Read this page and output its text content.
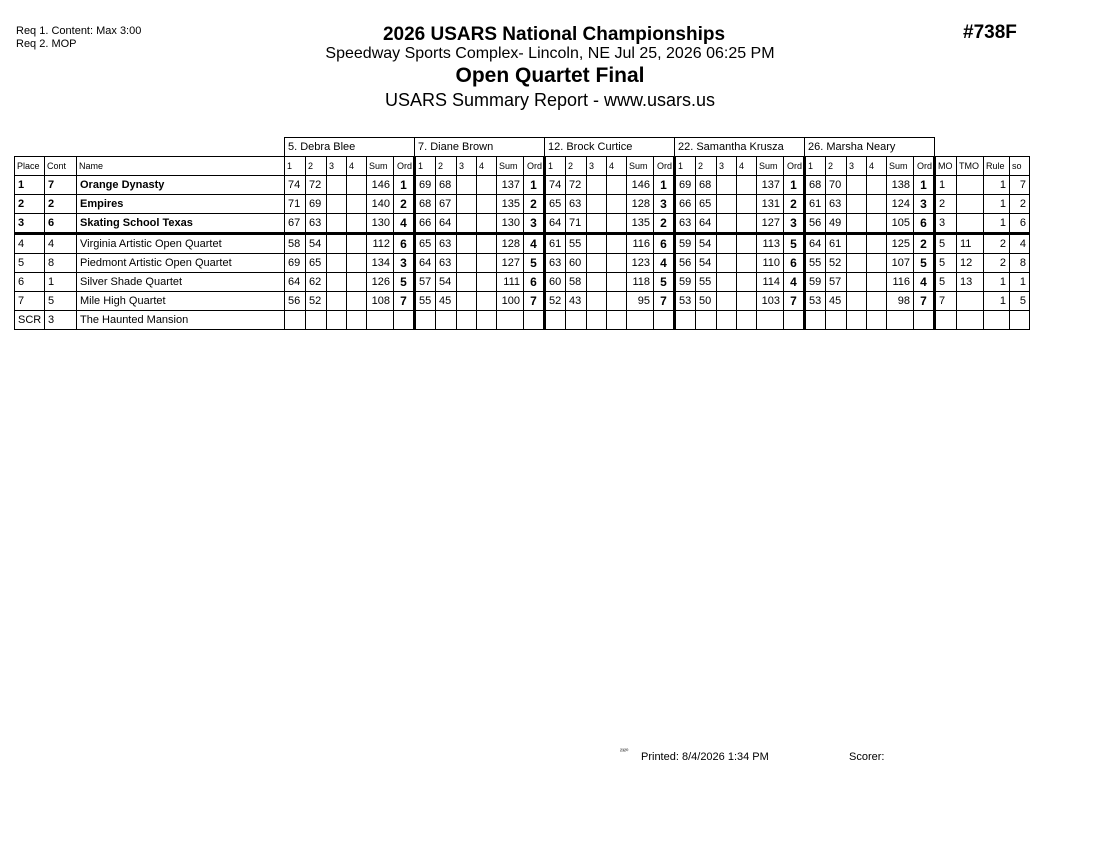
Req 1. Content: Max 3:00
Req 2. MOP
#738F
2026 USARS National Championships
Speedway Sports Complex- Lincoln, NE Jul 25, 2026 06:25 PM
Open Quartet Final
USARS Summary Report - www.usars.us
			5. Debra Blee						7. Diane Brown						12. Brock Curtice						22. Samantha Krusza						26. Marsha Neary									
Place	Cont	Name	1	2	3	4	Sum	Ord	1	2	3	4	Sum	Ord	1	2	3	4	Sum	Ord	1	2	3	4	Sum	Ord	1	2	3	4	Sum	Ord	MO	TMO	Rule	so
1	7	Orange Dynasty	74	72			146	1	69	68			137	1	74	72			146	1	69	68			137	1	68	70			138	1	1		1	7
2	2	Empires	71	69			140	2	68	67			135	2	65	63			128	3	66	65			131	2	61	63			124	3	2		1	2
3	6	Skating School Texas	67	63			130	4	66	64			130	3	64	71			135	2	63	64			127	3	56	49			105	6	3		1	6
4	4	Virginia Artistic Open Quartet	58	54			112	6	65	63			128	4	61	55			116	6	59	54			113	5	64	61			125	2	5	11	2	4
5	8	Piedmont Artistic Open Quartet	69	65			134	3	64	63			127	5	63	60			123	4	56	54			110	6	55	52			107	5	5	12	2	8
6	1	Silver Shade Quartet	64	62			126	5	57	54			111	6	60	58			118	5	59	55			114	4	59	57			116	4	5	13	1	1
7	5	Mile High Quartet	56	52			108	7	55	45			100	7	52	43			95	7	53	50			103	7	53	45			98	7	7		1	5
SCR	3	The Haunted Mansion																																		
²³²⁰ Printed: 8/4/2026 1:34 PM	Scorer:
